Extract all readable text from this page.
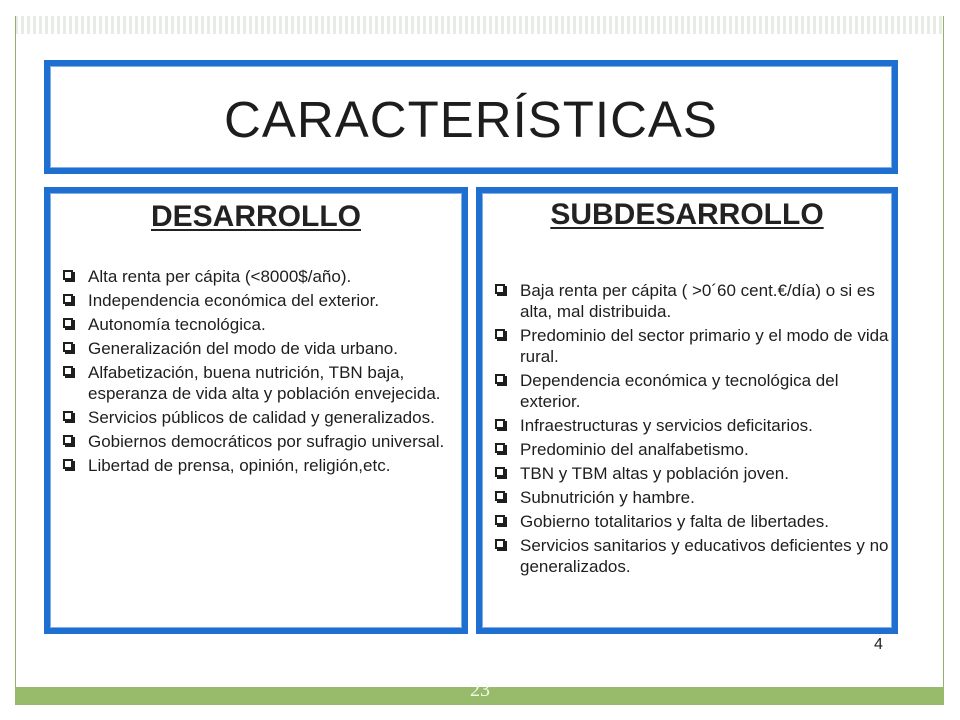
CARACTERÍSTICAS
DESARROLLO
Alta renta per cápita (<8000$/año).
Independencia económica del exterior.
Autonomía tecnológica.
Generalización del modo de vida urbano.
Alfabetización, buena nutrición, TBN baja, esperanza de vida alta y población envejecida.
Servicios públicos de calidad y generalizados.
Gobiernos democráticos por sufragio universal.
Libertad de prensa, opinión, religión,etc.
SUBDESARROLLO
Baja renta per cápita ( >0´60 cent.€/día) o si es alta, mal distribuida.
Predominio del sector primario y el modo de vida rural.
Dependencia económica y tecnológica del exterior.
Infraestructuras y servicios deficitarios.
Predominio del analfabetismo.
TBN y TBM altas y población joven.
Subnutrición y hambre.
Gobierno totalitarios y falta de libertades.
Servicios sanitarios y educativos deficientes y no generalizados.
4
23
